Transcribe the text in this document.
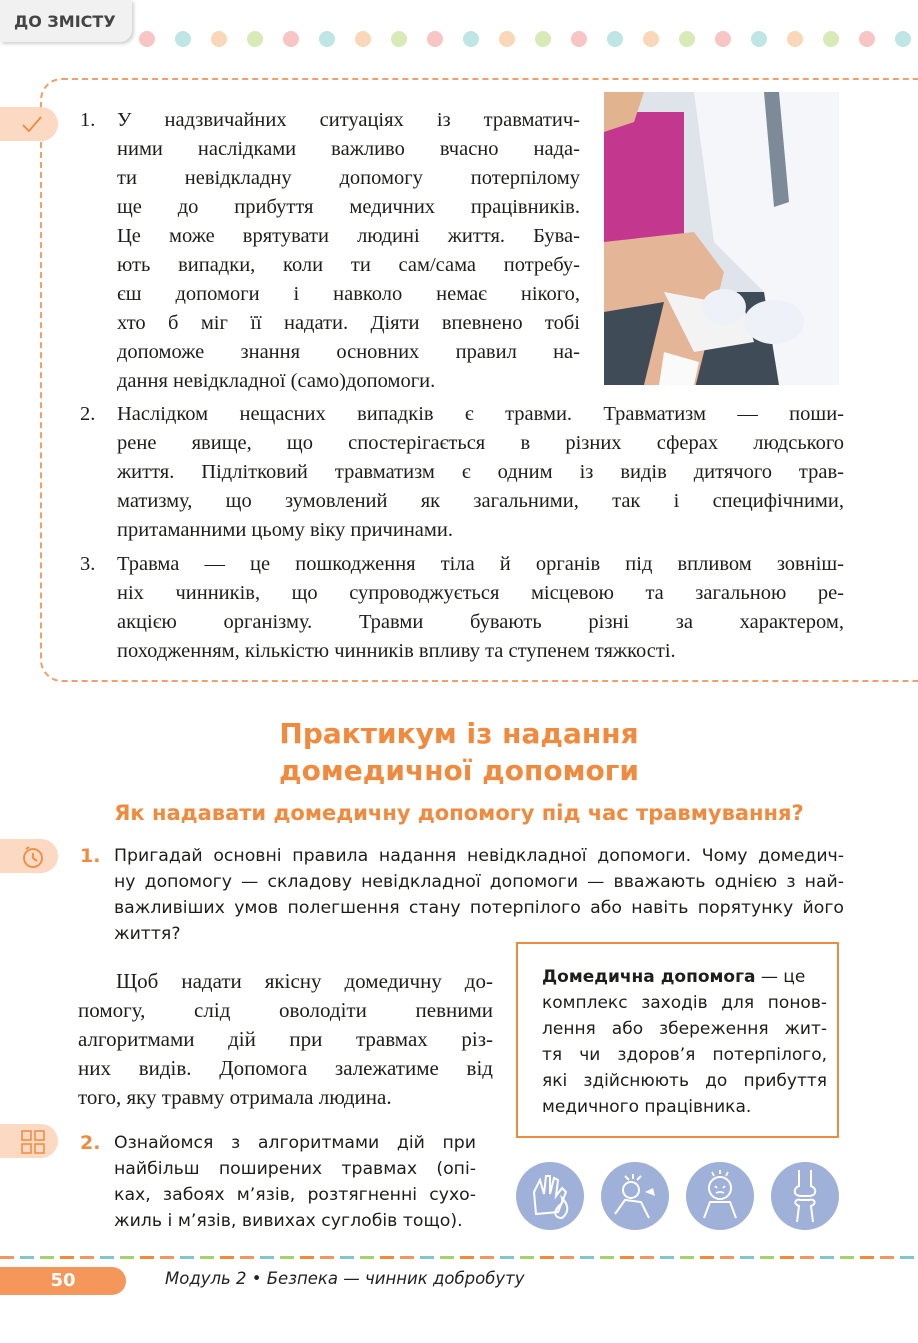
ДО ЗМІСТУ
1. У надзвичайних ситуаціях із травматич-
ними наслідками важливо вчасно нада-
ти невідкладну допомогу потерпілому
ще до прибуття медичних працівників.
Це може врятувати людині життя. Бува-
ють випадки, коли ти сам/сама потребу-
єш допомоги і навколо немає нікого,
хто б міг її надати. Діяти впевнено тобі
допоможе знання основних правил на-
дання невідкладної (само)допомоги.
2. Наслідком нещасних випадків є травми. Травматизм — поши-
рене явище, що спостерігається в різних сферах людського
життя. Підлітковий травматизм є одним із видів дитячого трав-
матизму, що зумовлений як загальними, так і специфічними,
притаманними цьому віку причинами.
3. Травма — це пошкодження тіла й органів під впливом зовніш-
ніх чинників, що супроводжується місцевою та загальною ре-
акцією організму. Травми бувають різні за характером,
походженням, кількістю чинників впливу та ступенем тяжкості.
Практикум із надання
домедичної допомоги
Як надавати домедичну допомогу під час травмування?
1. Пригадай основні правила надання невідкладної допомоги. Чому домедич-
ну допомогу — складову невідкладної допомоги — вважають однією з най-
важливіших умов полегшення стану потерпілого або навіть порятунку його
життя?
Щоб надати якісну домедичну до-
помогу, слід оволодіти певними
алгоритмами дій при травмах різ-
них видів. Допомога залежатиме від
того, яку травму отримала людина.
Домедична допомога — це
комплекс заходів для понов-
лення або збереження жит-
тя чи здоров’я потерпілого,
які здійснюють до прибуття
медичного працівника.
2. Ознайомся з алгоритмами дій при
найбільш поширених травмах (опі-
ках, забоях м’язів, розтягненні сухо-
жиль і м’язів, вивихах суглобів тощо).
50	Модуль 2 • Безпека — чинник добробуту
